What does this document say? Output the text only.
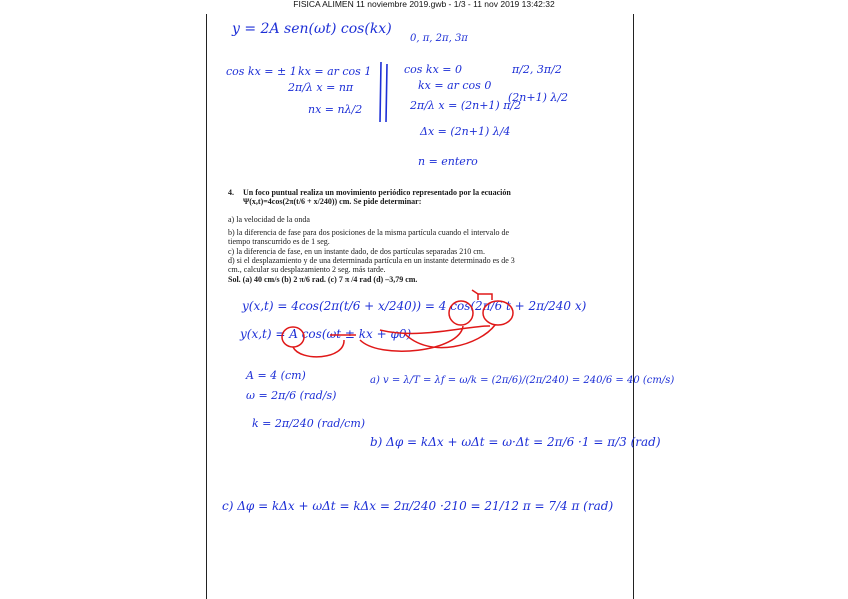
FISICA ALIMEN 11 noviembre 2019.gwb - 1/3 - 11 nov 2019 13:42:32
y = 2A sen(ωt) cos(kx)
0, π, 2π, 3π
cos kx = ± 1 kx = ar cos 1
2π/λ x = nπ
nx = nλ/2
cos kx = 0
kx = ar cos 0
2π/λ x = (2n+1) π/2
Δx = (2n+1) λ/4
n = entero
π/2, 3π/2
(2n+1) λ/2
4. Un foco puntual realiza un movimiento periódico representado por la ecuación
Ψ(x,t)=4cos(2π(t/6 + x/240)) cm. Se pide determinar:
a) la velocidad de la onda
b) la diferencia de fase para dos posiciones de la misma partícula cuando el intervalo de
tiempo transcurrido es de 1 seg.
c) la diferencia de fase, en un instante dado, de dos partículas separadas 210 cm.
d) si el desplazamiento y de una determinada partícula en un instante determinado es de 3
cm., calcular su desplazamiento 2 seg. más tarde.
Sol. (a) 40 cm/s (b) 2 π/6 rad. (c) 7 π /4 rad (d) –3,79 cm.
y(x,t) = 4cos(2π(t/6 + x/240)) = 4 cos(2π/6 t + 2π/240 x)
y(x,t) = A cos(ωt ± kx + φ0)
A = 4 (cm)
ω = 2π/6 (rad/s)
k = 2π/240 (rad/cm)
a) v = λ/T = λf = ω/k = (2π/6)/(2π/240) = 240/6 = 40 (cm/s)
b) Δφ = kΔx + ωΔt = ω·Δt = 2π/6 ·1 = π/3 (rad)
c) Δφ = kΔx + ωΔt = kΔx = 2π/240 ·210 = 21/12 π = 7/4 π (rad)
